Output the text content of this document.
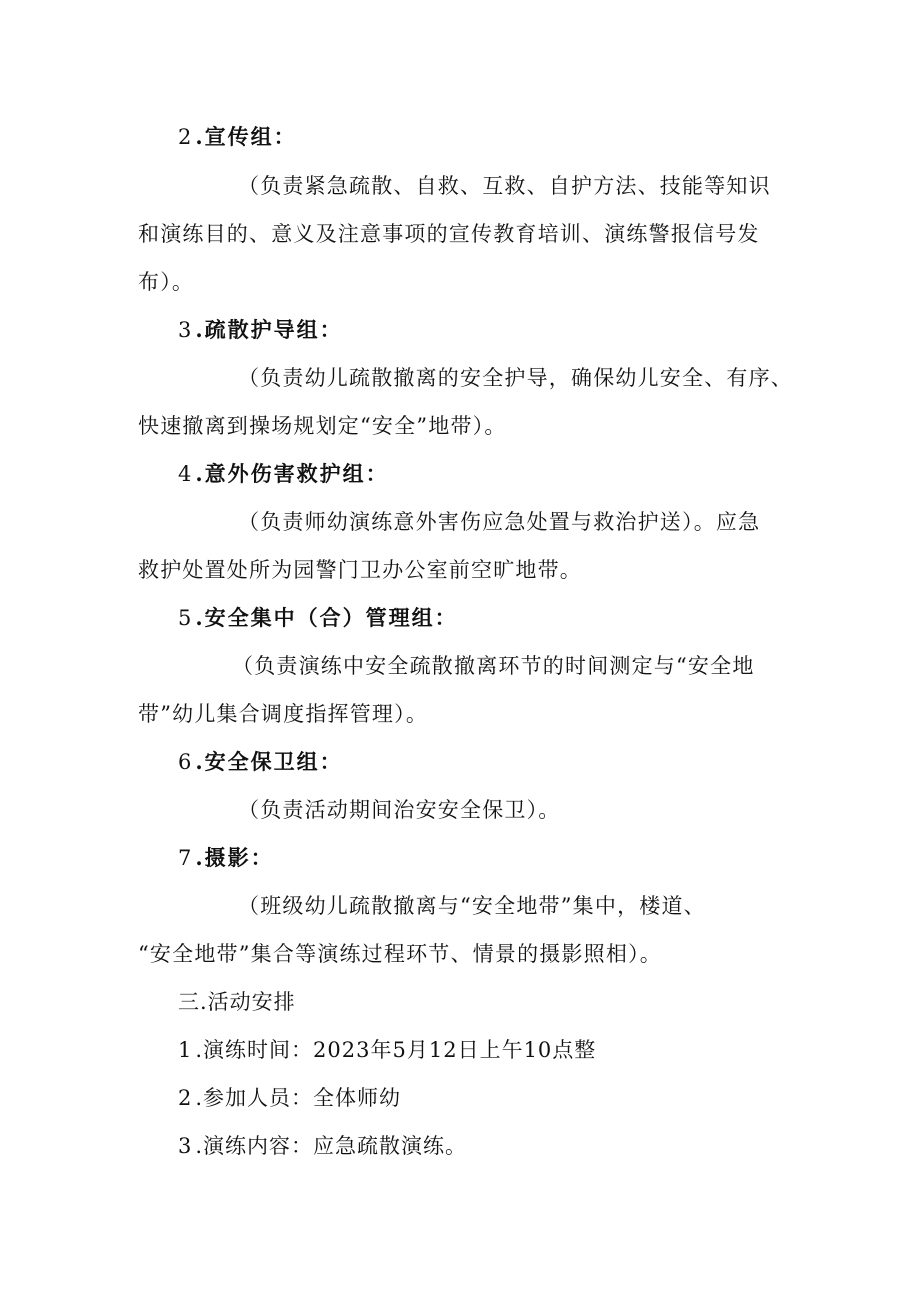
2 .宣传组：
（负责紧急疏散、自救、互救、自护方法、技能等知识
和演练目的、意义及注意事项的宣传教育培训、演练警报信号发
布）。
3 .疏散护导组：
（负责幼儿疏散撤离的安全护导，确保幼儿安全、有序、
快速撤离到操场规划定“安全”地带）。
4 .意外伤害救护组：
（负责师幼演练意外害伤应急处置与救治护送）。应急
救护处置处所为园警门卫办公室前空旷地带。
5 .安全集中（合）管理组：
（负责演练中安全疏散撤离环节的时间测定与“安全地
带”幼儿集合调度指挥管理）。
6 .安全保卫组：
（负责活动期间治安安全保卫）。
7 .摄影：
（班级幼儿疏散撤离与“安全地带”集中，楼道、
“安全地带”集合等演练过程环节、情景的摄影照相）。
三.活动安排
1 .演练时间：2023年5月12日上午10点整
2 .参加人员：全体师幼
3 .演练内容：应急疏散演练。
